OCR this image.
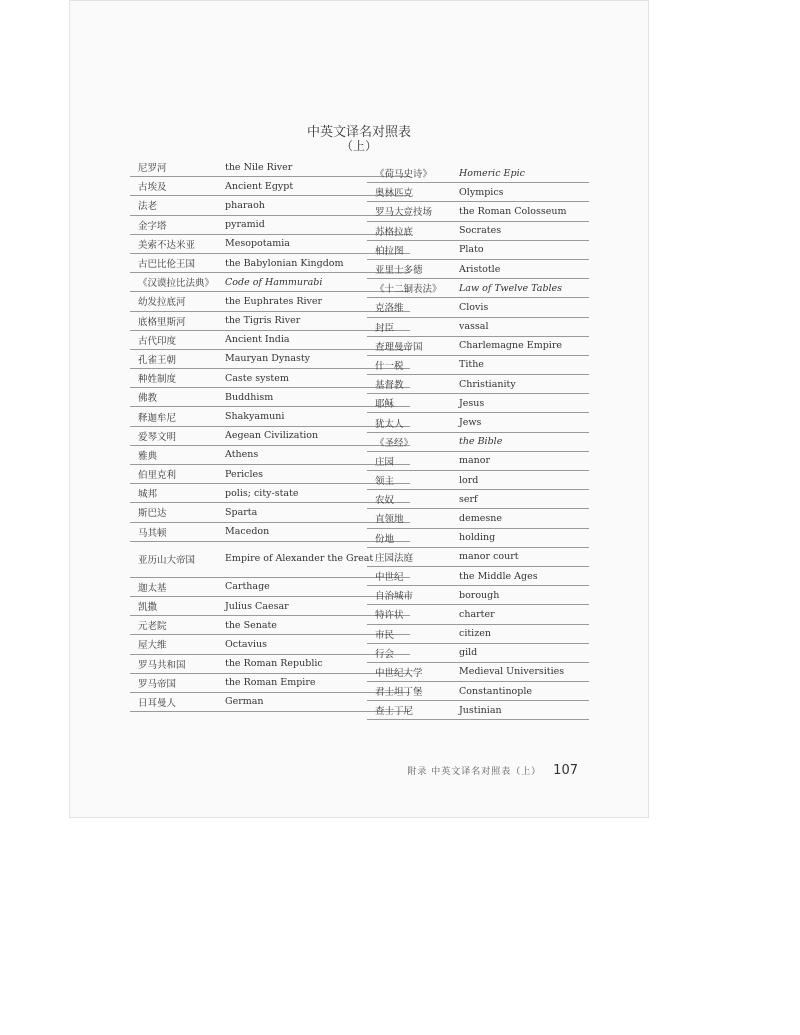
中英文译名对照表
（上）
尼罗河	the Nile River
古埃及	Ancient Egypt
法老	pharaoh
金字塔	pyramid
美索不达米亚	Mesopotamia
古巴比伦王国	the Babylonian Kingdom
《汉谟拉比法典》	Code of Hammurabi
幼发拉底河	the Euphrates River
底格里斯河	the Tigris River
古代印度	Ancient India
孔雀王朝	Mauryan Dynasty
种姓制度	Caste system
佛教	Buddhism
释迦牟尼	Shakyamuni
爱琴文明	Aegean Civilization
雅典	Athens
伯里克利	Pericles
城邦	polis; city-state
斯巴达	Sparta
马其顿	Macedon
亚历山大帝国	Empire of Alexander the Great
迦太基	Carthage
凯撒	Julius Caesar
元老院	the Senate
屋大维	Octavius
罗马共和国	the Roman Republic
罗马帝国	the Roman Empire
日耳曼人	German
《荷马史诗》	Homeric Epic
奥林匹克	Olympics
罗马大竞技场	the Roman Colosseum
苏格拉底	Socrates
柏拉图	Plato
亚里士多德	Aristotle
《十二铜表法》	Law of Twelve Tables
克洛维	Clovis
封臣	vassal
查理曼帝国	Charlemagne Empire
什一税	Tithe
基督教	Christianity
耶稣	Jesus
犹太人	Jews
《圣经》	the Bible
庄园	manor
领主	lord
农奴	serf
直领地	demesne
份地	holding
庄园法庭	manor court
中世纪	the Middle Ages
自治城市	borough
特许状	charter
市民	citizen
行会	gild
中世纪大学	Medieval Universities
君士坦丁堡	Constantinople
查士丁尼	Justinian
附录 中英文译名对照表（上） 107
